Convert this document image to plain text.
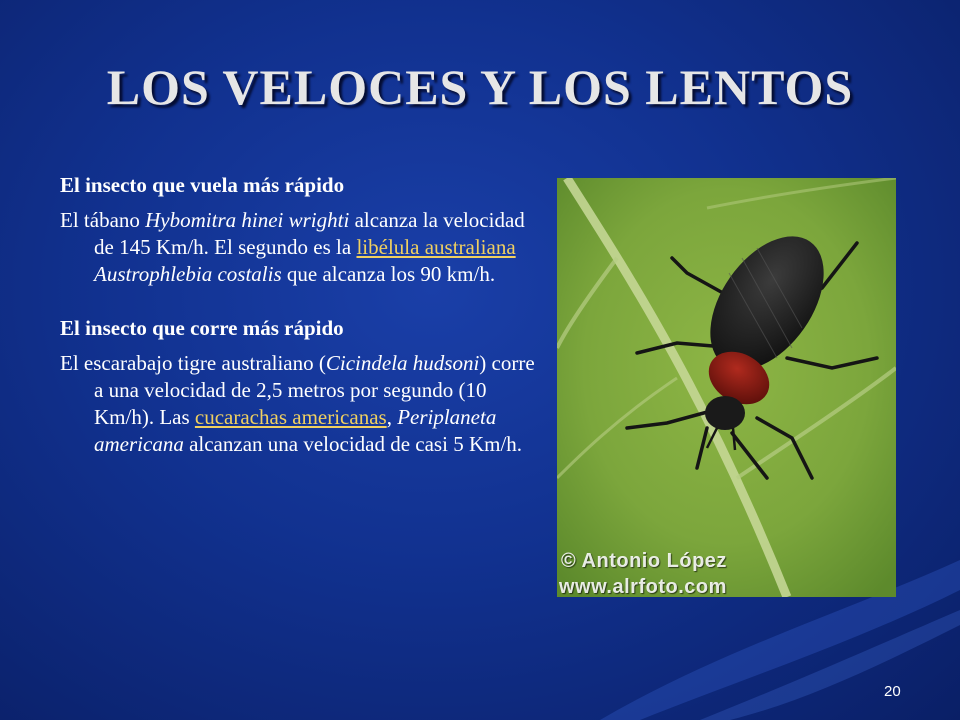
LOS VELOCES Y LOS LENTOS

El insecto que vuela más rápido

El tábano Hybomitra hinei wrighti alcanza la velocidad de 145 Km/h. El segundo es la libélula australiana Austrophlebia costalis que alcanza los 90 km/h.

El insecto que corre más rápido

El escarabajo tigre australiano (Cicindela hudsoni) corre a una velocidad de 2,5 metros por segundo (10 Km/h). Las cucarachas americanas, Periplaneta americana alcanzan una velocidad de casi 5 Km/h.

© Antonio López
www.alrfoto.com
20
